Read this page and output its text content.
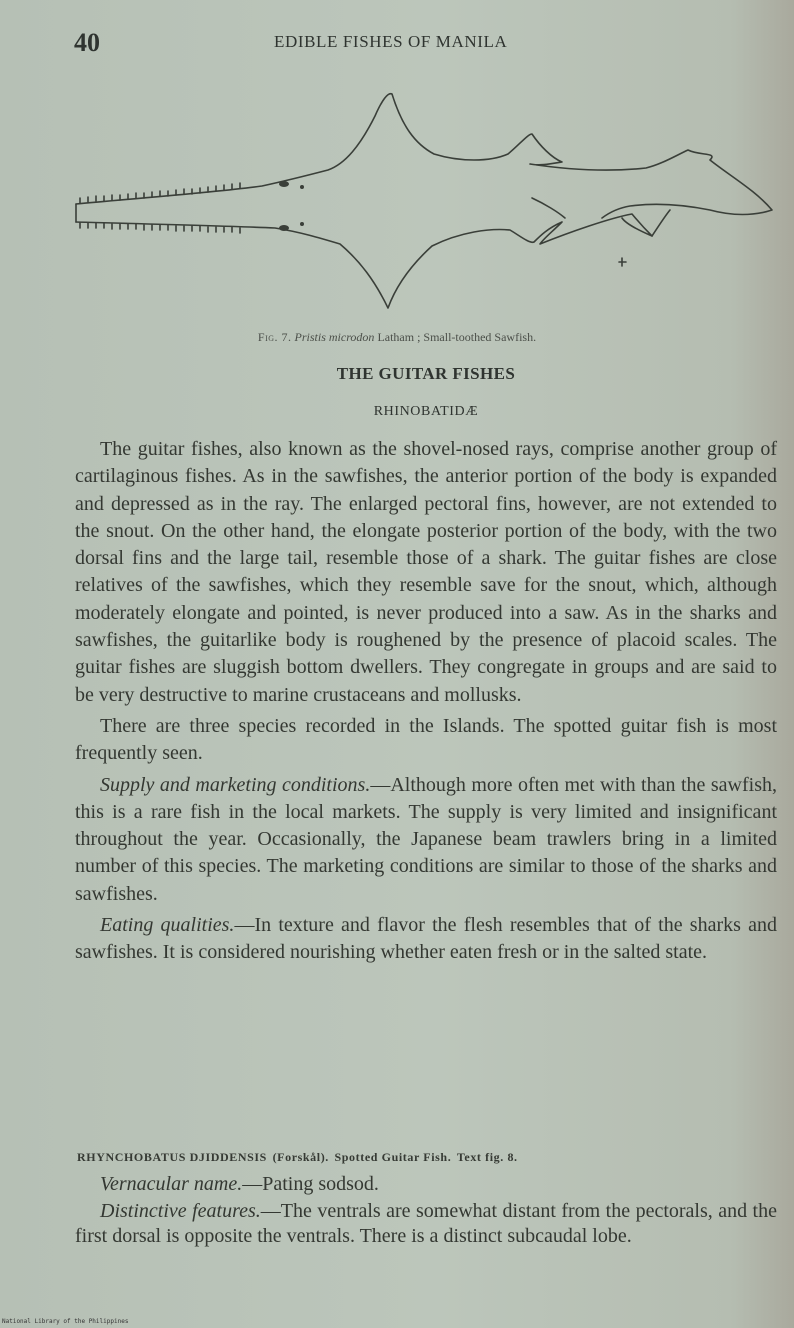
40	EDIBLE FISHES OF MANILA
Fig. 7. Pristis microdon Latham ; Small-toothed Sawfish.
THE GUITAR FISHES
RHINOBATIDÆ

The guitar fishes, also known as the shovel-nosed rays, comprise another group of cartilaginous fishes. As in the sawfishes, the anterior portion of the body is expanded and depressed as in the ray. The enlarged pectoral fins, however, are not extended to the snout. On the other hand, the elongate posterior portion of the body, with the two dorsal fins and the large tail, resemble those of a shark. The guitar fishes are close relatives of the sawfishes, which they resemble save for the snout, which, although moderately elongate and pointed, is never produced into a saw. As in the sharks and sawfishes, the guitarlike body is roughened by the presence of placoid scales. The guitar fishes are sluggish bottom dwellers. They congregate in groups and are said to be very destructive to marine crustaceans and mollusks.

There are three species recorded in the Islands. The spotted guitar fish is most frequently seen.

Supply and marketing conditions.—Although more often met with than the sawfish, this is a rare fish in the local markets. The supply is very limited and insignificant throughout the year. Occasionally, the Japanese beam trawlers bring in a limited number of this species. The marketing conditions are similar to those of the sharks and sawfishes.

Eating qualities.—In texture and flavor the flesh resembles that of the sharks and sawfishes. It is considered nourishing whether eaten fresh or in the salted state.

RHYNCHOBATUS DJIDDENSIS (Forskål). Spotted Guitar Fish. Text fig. 8.

Vernacular name.—Pating sodsod.

Distinctive features.—The ventrals are somewhat distant from the pectorals, and the first dorsal is opposite the ventrals. There is a distinct subcaudal lobe.

National Library of the Philippines
